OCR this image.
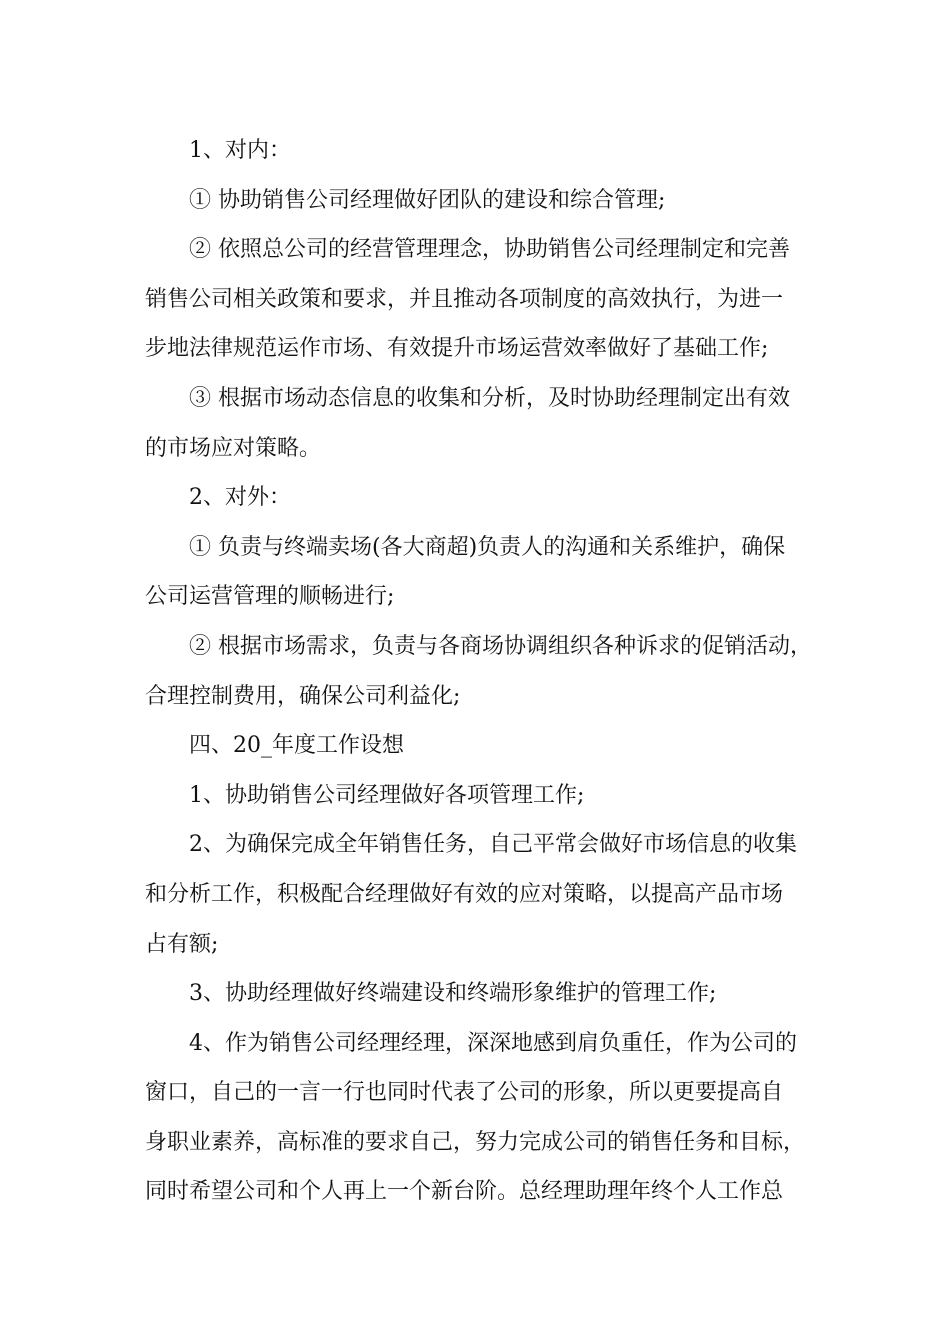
1、对内：
① 协助销售公司经理做好团队的建设和综合管理;
② 依照总公司的经营管理理念，协助销售公司经理制定和完善
销售公司相关政策和要求，并且推动各项制度的高效执行，为进一
步地法律规范运作市场、有效提升市场运营效率做好了基础工作;
③ 根据市场动态信息的收集和分析，及时协助经理制定出有效
的市场应对策略。
2、对外：
① 负责与终端卖场(各大商超)负责人的沟通和关系维护，确保
公司运营管理的顺畅进行;
② 根据市场需求，负责与各商场协调组织各种诉求的促销活动，
合理控制费用，确保公司利益化;
四、20_年度工作设想
1、协助销售公司经理做好各项管理工作;
2、为确保完成全年销售任务，自己平常会做好市场信息的收集
和分析工作，积极配合经理做好有效的应对策略，以提高产品市场
占有额;
3、协助经理做好终端建设和终端形象维护的管理工作;
4、作为销售公司经理经理，深深地感到肩负重任，作为公司的
窗口，自己的一言一行也同时代表了公司的形象，所以更要提高自
身职业素养，高标准的要求自己，努力完成公司的销售任务和目标，
同时希望公司和个人再上一个新台阶。总经理助理年终个人工作总
